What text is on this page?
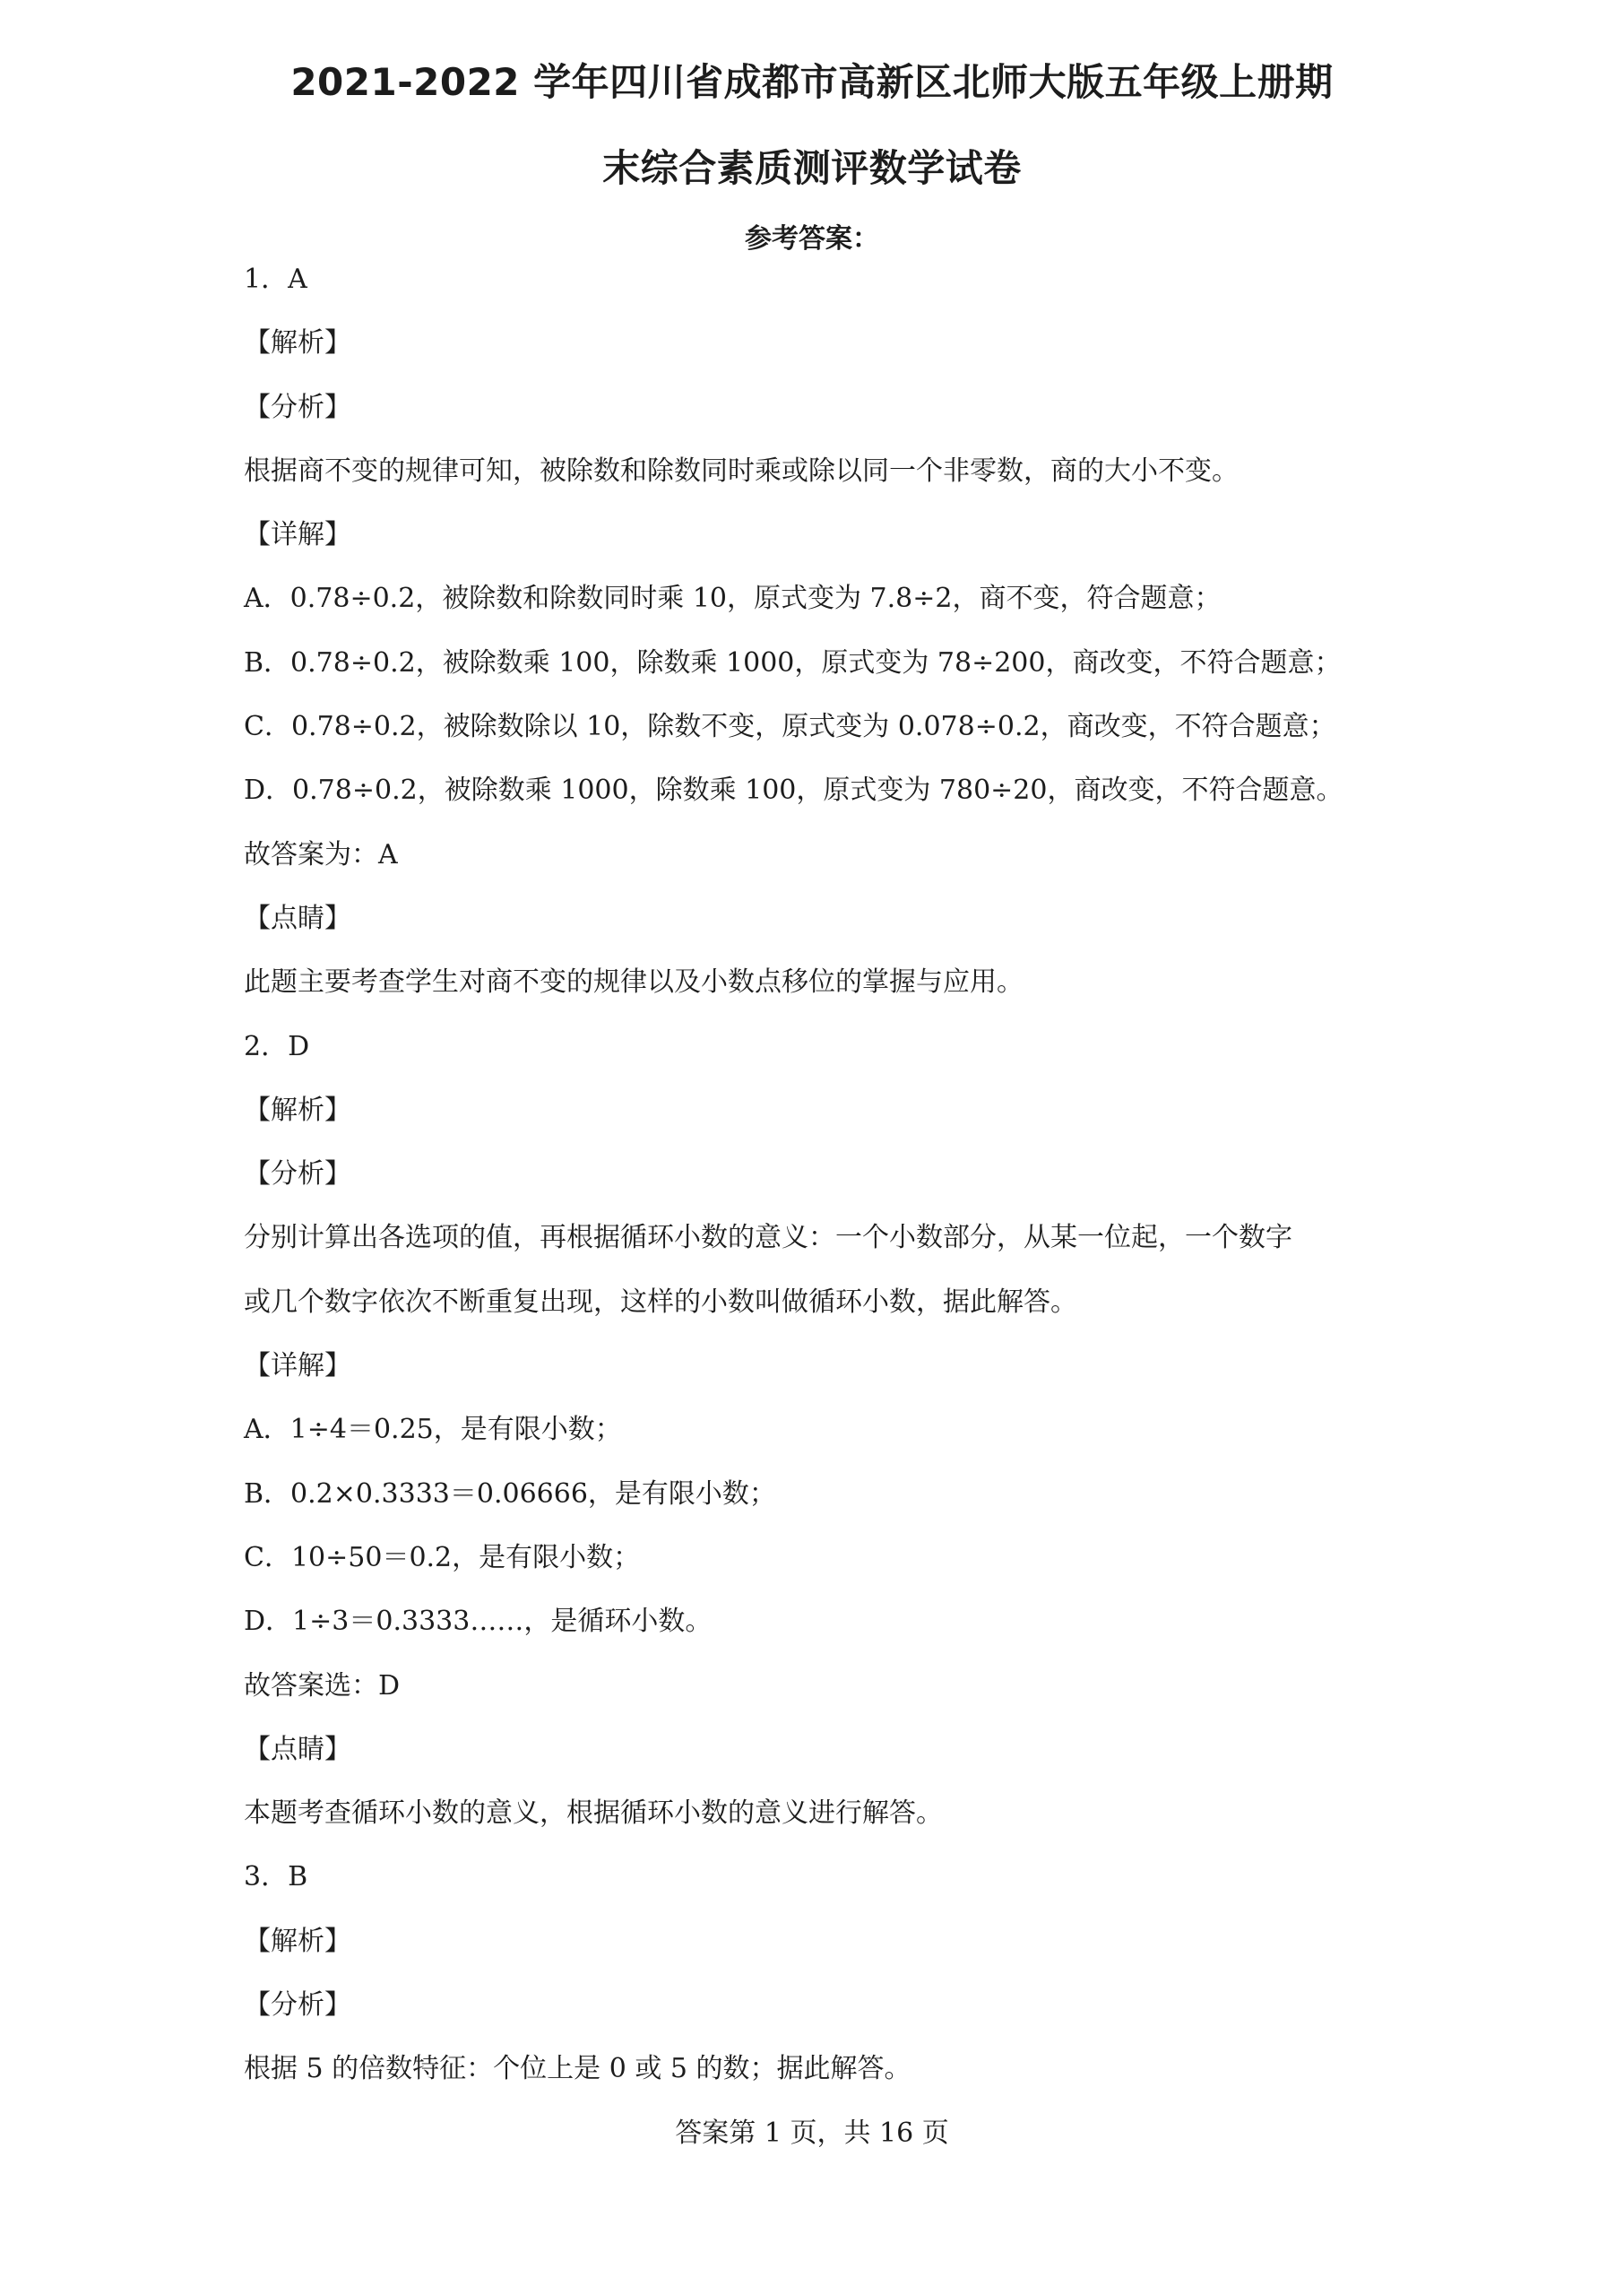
2021-2022 学年四川省成都市高新区北师大版五年级上册期
末综合素质测评数学试卷
参考答案：
1．A
【解析】
【分析】
根据商不变的规律可知，被除数和除数同时乘或除以同一个非零数，商的大小不变。
【详解】
A．0.78÷0.2，被除数和除数同时乘 10，原式变为 7.8÷2，商不变，符合题意；
B．0.78÷0.2，被除数乘 100，除数乘 1000，原式变为 78÷200，商改变，不符合题意；
C．0.78÷0.2，被除数除以 10，除数不变，原式变为 0.078÷0.2，商改变，不符合题意；
D．0.78÷0.2，被除数乘 1000，除数乘 100，原式变为 780÷20，商改变，不符合题意。
故答案为：A
【点睛】
此题主要考查学生对商不变的规律以及小数点移位的掌握与应用。
2．D
【解析】
【分析】
分别计算出各选项的值，再根据循环小数的意义：一个小数部分，从某一位起，一个数字
或几个数字依次不断重复出现，这样的小数叫做循环小数，据此解答。
【详解】
A．1÷4＝0.25，是有限小数；
B．0.2×0.3333＝0.06666，是有限小数；
C．10÷50＝0.2，是有限小数；
D．1÷3＝0.3333……，是循环小数。
故答案选：D
【点睛】
本题考查循环小数的意义，根据循环小数的意义进行解答。
3．B
【解析】
【分析】
根据 5 的倍数特征：个位上是 0 或 5 的数；据此解答。
答案第 1 页，共 16 页
